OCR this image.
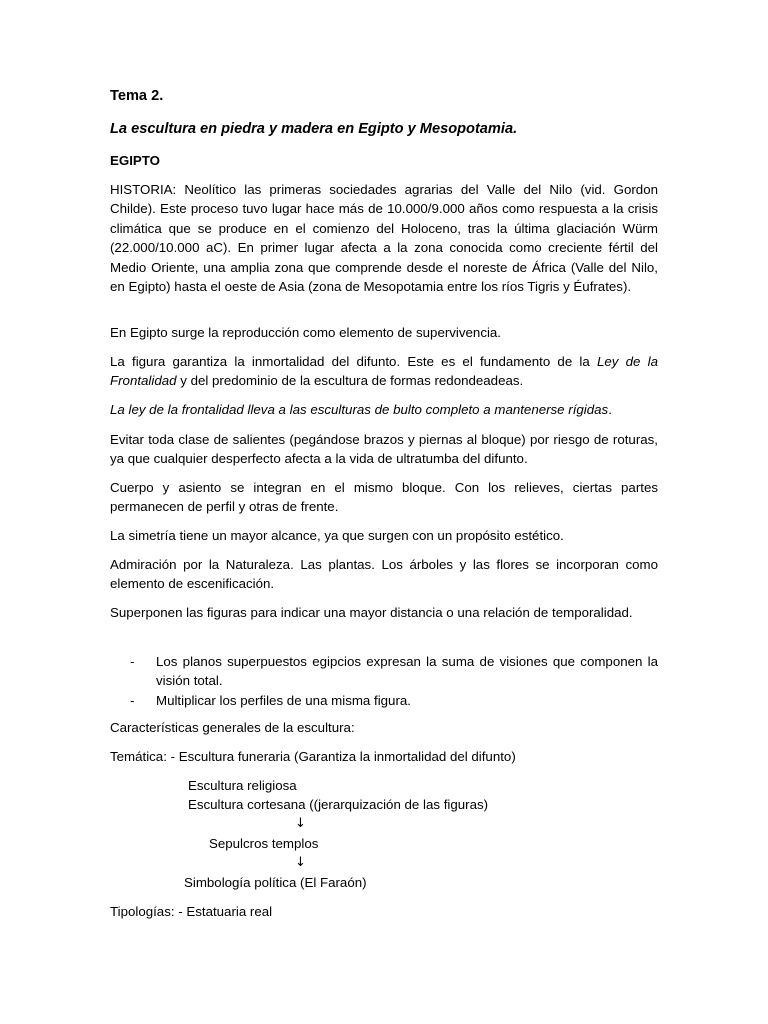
Tema 2.
La escultura en piedra y madera en Egipto y Mesopotamia.
EGIPTO
HISTORIA: Neolítico las primeras sociedades agrarias del Valle del Nilo (vid. Gordon Childe). Este proceso tuvo lugar hace más de 10.000/9.000 años como respuesta a la crisis climática que se produce en el comienzo del Holoceno, tras la última glaciación Würm (22.000/10.000 aC). En primer lugar afecta a la zona conocida como creciente fértil del Medio Oriente, una amplia zona que comprende desde el noreste de África (Valle del Nilo, en Egipto) hasta el oeste de Asia (zona de Mesopotamia entre los ríos Tigris y Éufrates).
En Egipto surge la reproducción como elemento de supervivencia.
La figura garantiza la inmortalidad del difunto. Este es el fundamento de la Ley de la Frontalidad y del predominio de la escultura de formas redondeadeas.
La ley de la frontalidad lleva a las esculturas de bulto completo a mantenerse rígidas.
Evitar toda clase de salientes (pegándose brazos y piernas al bloque) por riesgo de roturas, ya que cualquier desperfecto afecta a la vida de ultratumba del difunto.
Cuerpo y asiento se integran en el mismo bloque. Con los relieves, ciertas partes permanecen de perfil y otras de frente.
La simetría tiene un mayor alcance, ya que surgen con un propósito estético.
Admiración por la Naturaleza. Las plantas. Los árboles y las flores se incorporan como elemento de escenificación.
Superponen las figuras para indicar una mayor distancia o una relación de temporalidad.
- Los planos superpuestos egipcios expresan la suma de visiones que componen la visión total.
- Multiplicar los perfiles de una misma figura.
Características generales de la escultura:
Temática: - Escultura funeraria (Garantiza la inmortalidad del difunto)
Escultura religiosa
Escultura cortesana ((jerarquización de las figuras)
↓
Sepulcros templos
↓
Simbología política (El Faraón)
Tipologías: - Estatuaria real
